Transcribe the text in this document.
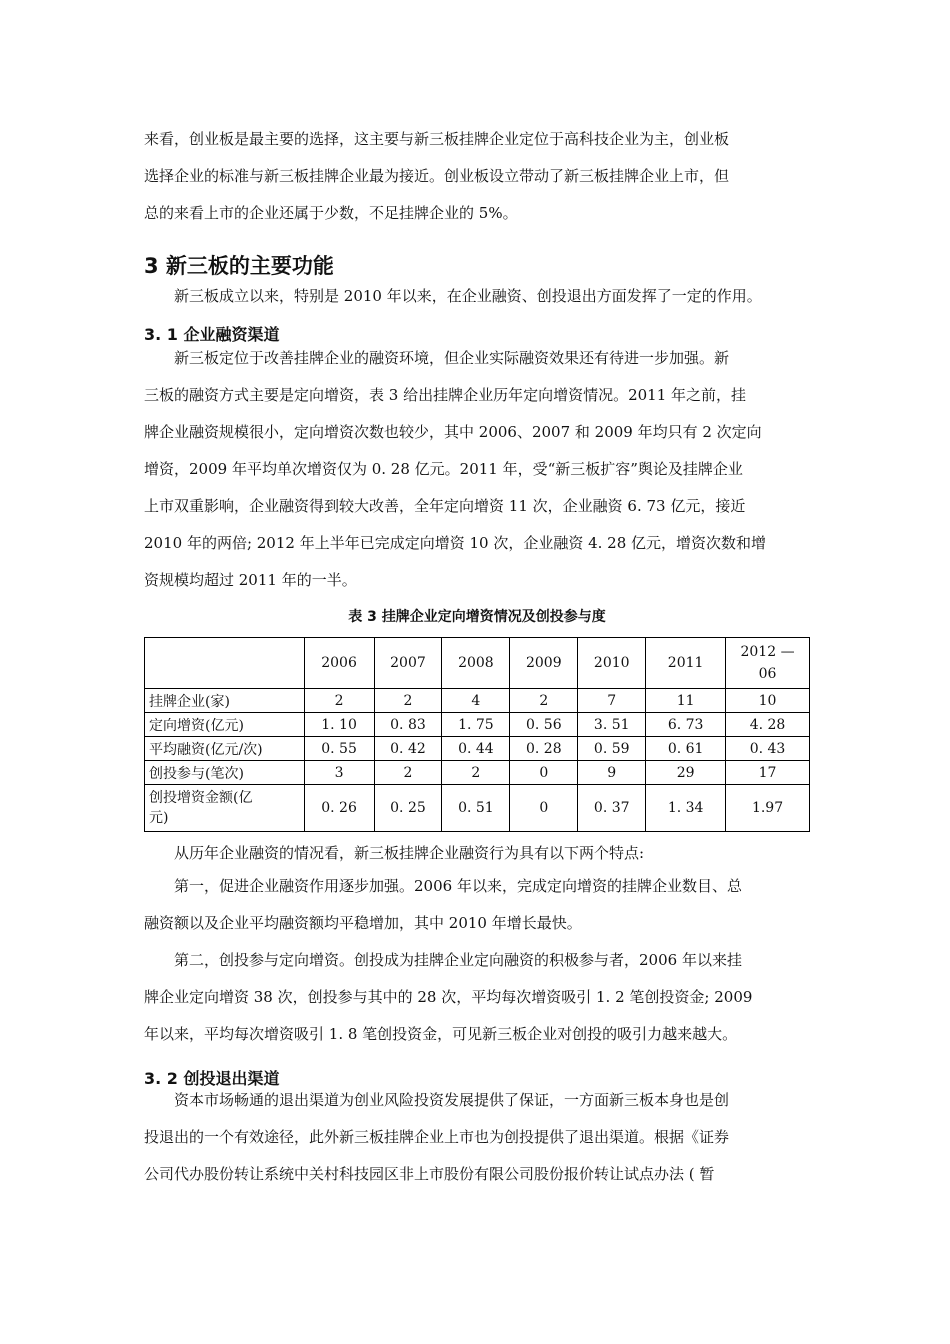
来看，创业板是最主要的选择，这主要与新三板挂牌企业定位于高科技企业为主，创业板

选择企业的标准与新三板挂牌企业最为接近。创业板设立带动了新三板挂牌企业上市，但

总的来看上市的企业还属于少数，不足挂牌企业的 5%。

3 新三板的主要功能

新三板成立以来，特别是 2010 年以来，在企业融资、创投退出方面发挥了一定的作用。

3. 1 企业融资渠道

新三板定位于改善挂牌企业的融资环境，但企业实际融资效果还有待进一步加强。新

三板的融资方式主要是定向增资，表 3 给出挂牌企业历年定向增资情况。2011 年之前，挂

牌企业融资规模很小，定向增资次数也较少，其中 2006、2007 和 2009 年均只有 2 次定向

增资，2009 年平均单次增资仅为 0. 28 亿元。2011 年，受“新三板扩容”舆论及挂牌企业

上市双重影响，企业融资得到较大改善，全年定向增资 11 次，企业融资 6. 73 亿元，接近

2010 年的两倍; 2012 年上半年已完成定向增资 10 次，企业融资 4. 28 亿元，增资次数和增

资规模均超过 2011 年的一半。

表 3 挂牌企业定向增资情况及创投参与度
	2006	2007	2008	2009	2010	2011	2012 —
06
挂牌企业(家)	2	2	4	2	7	11	10
定向增资(亿元)	1. 10	0. 83	1. 75	0. 56	3. 51	6. 73	4. 28
平均融资(亿元/次)	0. 55	0. 42	0. 44	0. 28	0. 59	0. 61	0. 43
创投参与(笔次)	3	2	2	0	9	29	17
创投增资金额(亿
元)	0. 26	0. 25	0. 51	0	0. 37	1. 34	1.97

从历年企业融资的情况看，新三板挂牌企业融资行为具有以下两个特点:

第一，促进企业融资作用逐步加强。2006 年以来，完成定向增资的挂牌企业数目、总

融资额以及企业平均融资额均平稳增加，其中 2010 年增长最快。

第二，创投参与定向增资。创投成为挂牌企业定向融资的积极参与者，2006 年以来挂

牌企业定向增资 38 次，创投参与其中的 28 次，平均每次增资吸引 1. 2 笔创投资金; 2009

年以来，平均每次增资吸引 1. 8 笔创投资金，可见新三板企业对创投的吸引力越来越大。

3. 2 创投退出渠道

资本市场畅通的退出渠道为创业风险投资发展提供了保证，一方面新三板本身也是创

投退出的一个有效途径，此外新三板挂牌企业上市也为创投提供了退出渠道。根据《证券

公司代办股份转让系统中关村科技园区非上市股份有限公司股份报价转让试点办法 ( 暂
